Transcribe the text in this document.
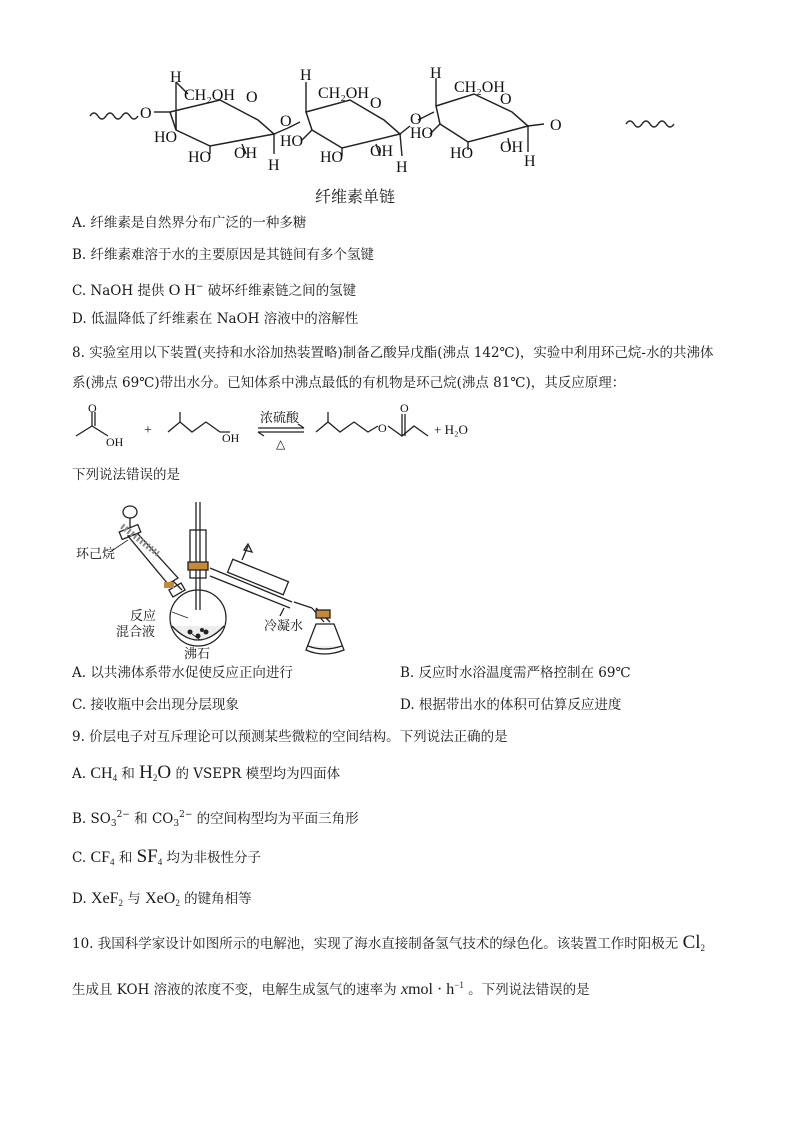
O
H
CH₂OH O
HO
HO OH
H
O
H
CH₂OH
O
HO
HO OH
H
O
H
CH₂OH
O
HO
HO OH
H
O
纤维素单链
A. 纤维素是自然界分布广泛的一种多糖
B. 纤维素难溶于水的主要原因是其链间有多个氢键
C. NaOH 提供 O H− 破坏纤维素链之间的氢键
D. 低温降低了纤维素在 NaOH 溶液中的溶解性
8. 实验室用以下装置(夹持和水浴加热装置略)制备乙酸异戊酯(沸点 142℃)，实验中利用环己烷-水的共沸体
系(沸点 69℃)带出水分。已知体系中沸点最低的有机物是环己烷(沸点 81℃)，其反应原理：
O
OH
+	OH
浓硫酸
△
O
O
+ H₂O
下列说法错误的是
环己烷
反应
混合液
沸石
冷凝水
A. 以共沸体系带水促使反应正向进行	B. 反应时水浴温度需严格控制在 69℃
C. 接收瓶中会出现分层现象	D. 根据带出水的体积可估算反应进度
9. 价层电子对互斥理论可以预测某些微粒的空间结构。下列说法正确的是
A. $CH_4$ 和 $H_2O$ 的 VSEPR 模型均为四面体
B. $SO_3^{2-}$ 和 $CO_3^{2-}$ 的空间构型均为平面三角形
C. $CF_4$ 和 $SF_4$ 均为非极性分子
D. XeF$_2$ 与 XeO$_2$ 的键角相等
10. 我国科学家设计如图所示的电解池，实现了海水直接制备氢气技术的绿色化。该装置工作时阳极无 $Cl_2$
生成且 KOH 溶液的浓度不变，电解生成氢气的速率为 xmol · $h^{-1}$ 。下列说法错误的是
